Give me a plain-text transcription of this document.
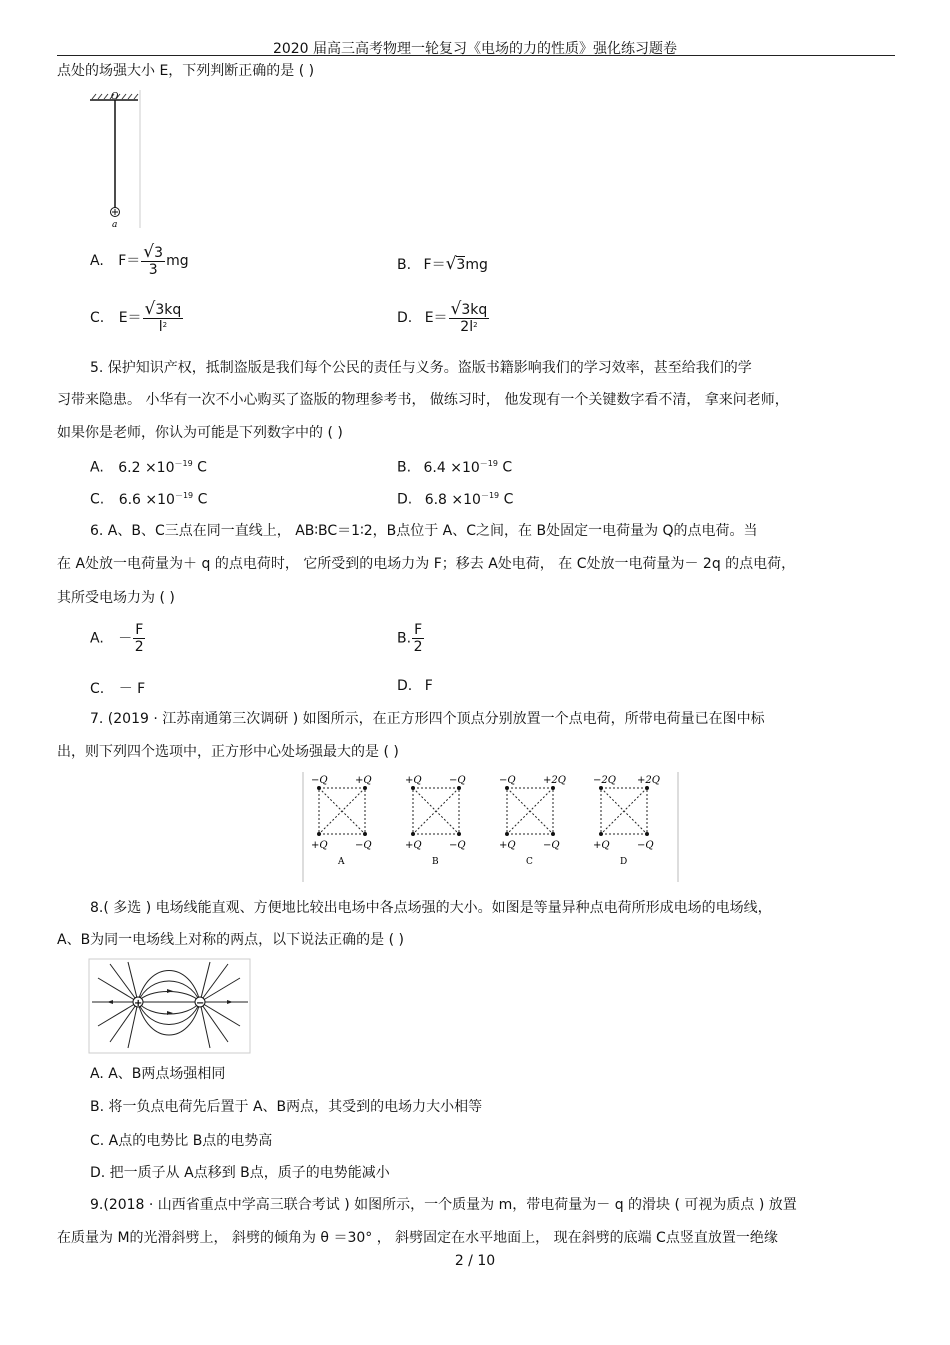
2020 届高三高考物理一轮复习《电场的力的性质》强化练习题卷
点处的场强大小 E，下列判断正确的是 ( )
O
a
A. $F= \frac{√3}{3}$ mg	B. F＝√3mg
C. $E= \frac{√3kq}{l^2}$	D. $E= \frac{√3kq}{2l^2}$
5. 保护知识产权，抵制盗版是我们每个公民的责任与义务。盗版书籍影响我们的学习效率，甚至给我们的学
习带来隐患。 小华有一次不小心购买了盗版的物理参考书， 做练习时， 他发现有一个关键数字看不清， 拿来问老师，
如果你是老师，你认为可能是下列数字中的 ( )
A. $6.2 \times 10^{-19}$ C	B. $6.4 \times 10^{-19}$ C
C. $6.6 \times 10^{-19}$ C	D. $6.8 \times 10^{-19}$ C
6. A、B、C三点在同一直线上， AB∶BC＝1∶2，B点位于 A、C之间，在 B处固定一电荷量为 Q的点电荷。当
在 A处放一电荷量为＋ q 的点电荷时， 它所受到的电场力为 F；移去 A处电荷， 在 C处放一电荷量为－ 2q 的点电荷，
其所受电场力为 ( )
A. － $\frac{F}{2}$	B. $\frac{F}{2}$
C. － F	D. F
7. (2019 · 江苏南通第三次调研 ) 如图所示，在正方形四个顶点分别放置一个点电荷，所带电荷量已在图中标
出，则下列四个选项中，正方形中心处场强最大的是 ( )
−Q	+Q
+Q	−Q
A
+Q	−Q
+Q	−Q
B
−Q	+2Q
+Q	−Q
C
−2Q +2Q
+Q	−Q
D
8.( 多选 ) 电场线能直观、方便地比较出电场中各点场强的大小。如图是等量异种点电荷所形成电场的电场线，
A、B为同一电场线上对称的两点，以下说法正确的是 ( )
+	−
A. A、B两点场强相同
B. 将一负点电荷先后置于 A、B两点，其受到的电场力大小相等
C. A点的电势比 B点的电势高
D. 把一质子从 A点移到 B点，质子的电势能减小
9.(2018 · 山西省重点中学高三联合考试 ) 如图所示，一个质量为 m，带电荷量为－ q 的滑块 ( 可视为质点 ) 放置
在质量为 M的光滑斜劈上， 斜劈的倾角为 θ ＝30° ， 斜劈固定在水平地面上， 现在斜劈的底端 C点竖直放置一绝缘
2 / 10
